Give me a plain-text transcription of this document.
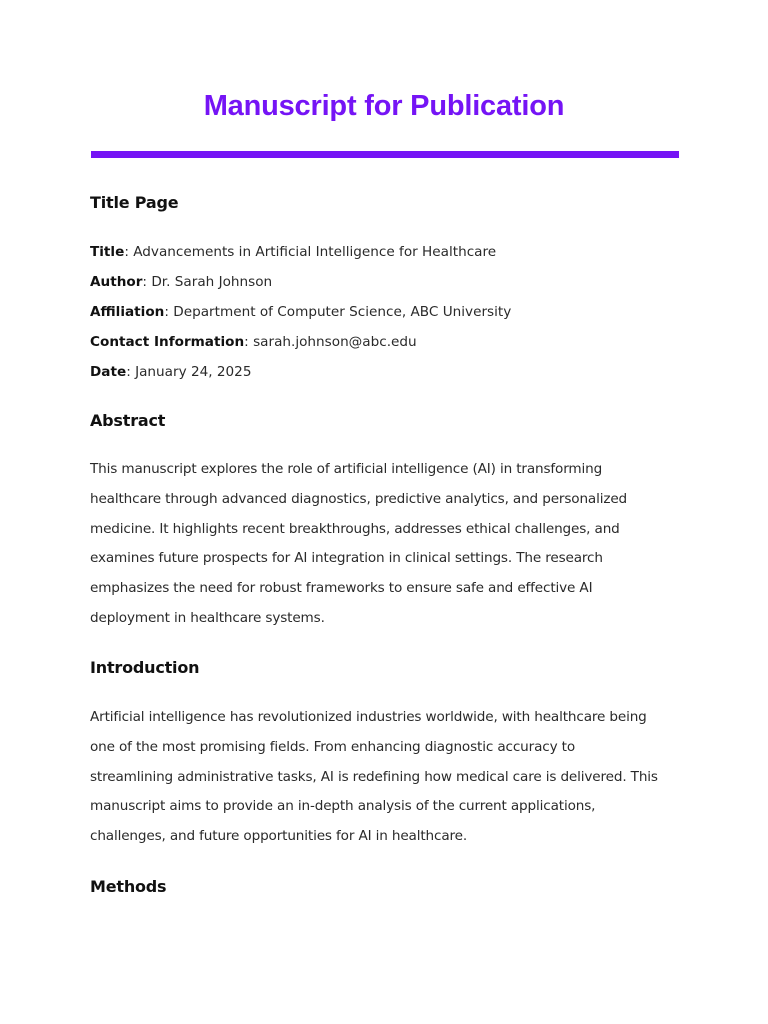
Manuscript for Publication
Title Page
Title: Advancements in Artificial Intelligence for Healthcare
Author: Dr. Sarah Johnson
Affiliation: Department of Computer Science, ABC University
Contact Information: sarah.johnson@abc.edu
Date: January 24, 2025
Abstract
This manuscript explores the role of artificial intelligence (AI) in transforming
healthcare through advanced diagnostics, predictive analytics, and personalized
medicine. It highlights recent breakthroughs, addresses ethical challenges, and
examines future prospects for AI integration in clinical settings. The research
emphasizes the need for robust frameworks to ensure safe and effective AI
deployment in healthcare systems.
Introduction
Artificial intelligence has revolutionized industries worldwide, with healthcare being
one of the most promising fields. From enhancing diagnostic accuracy to
streamlining administrative tasks, AI is redefining how medical care is delivered. This
manuscript aims to provide an in-depth analysis of the current applications,
challenges, and future opportunities for AI in healthcare.
Methods
